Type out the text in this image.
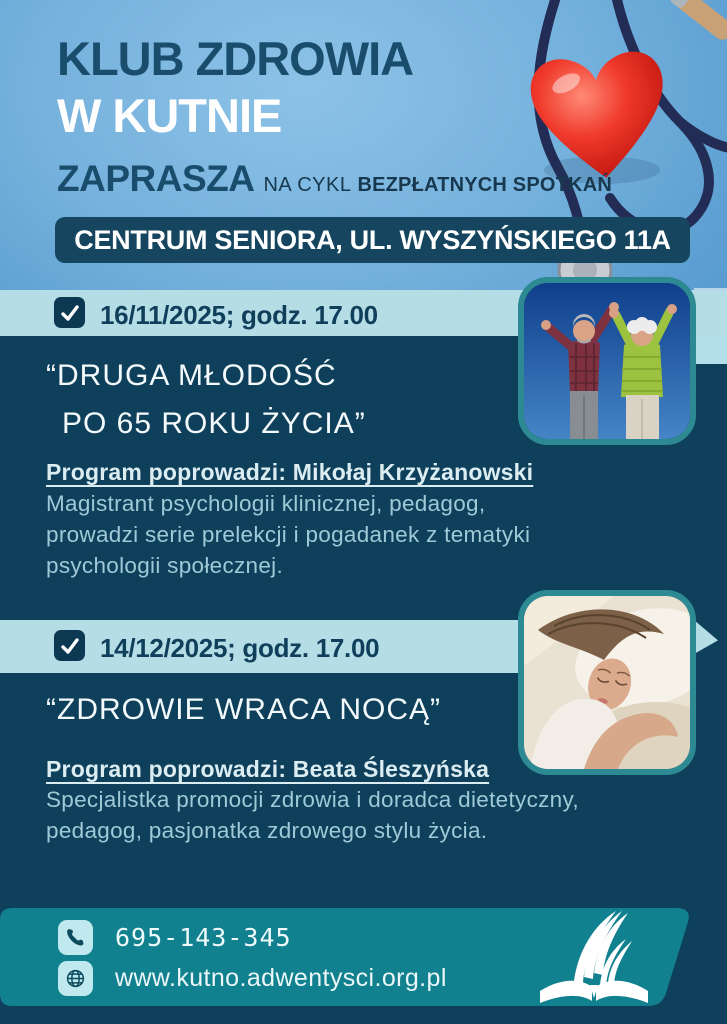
KLUB ZDROWIA
W KUTNIE
ZAPRASZA NA CYKL BEZPŁATNYCH SPOTKAŃ
CENTRUM SENIORA, UL. WYSZYŃSKIEGO 11A
16/11/2025; godz. 17.00
“DRUGA MŁODOŚĆ
PO 65 ROKU ŻYCIA”
Program poprowadzi: Mikołaj Krzyżanowski
Magistrant psychologii klinicznej, pedagog, prowadzi serie prelekcji i pogadanek z tematyki psychologii społecznej.
14/12/2025; godz. 17.00
“ZDROWIE WRACA NOCĄ”
Program poprowadzi: Beata Śleszyńska
Specjalistka promocji zdrowia i doradca dietetyczny, pedagog, pasjonatka zdrowego stylu życia.
695-143-345
www.kutno.adwentysci.org.pl
